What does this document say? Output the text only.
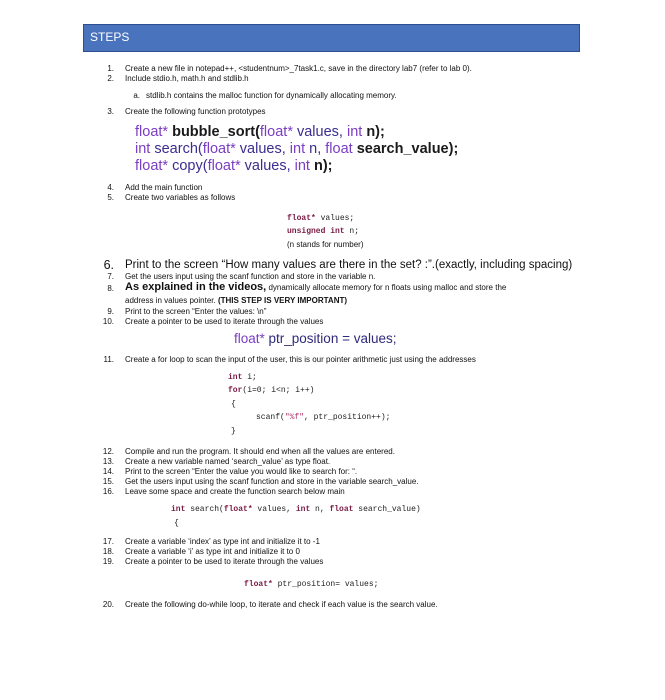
STEPS
1. Create a new file in notepad++, <studentnum>_7task1.c, save in the directory lab7 (refer to lab 0).
2. Include stdio.h, math.h and stdlib.h
a. stdlib.h contains the malloc function for dynamically allocating memory.
3. Create the following function prototypes
float* bubble_sort(float* values, int n);
int search(float* values, int n, float search_value);
float* copy(float* values, int n);
4. Add the main function
5. Create two variables as follows
float* values;
unsigned int n;
(n stands for number)
6. Print to the screen “How many values are there in the set? :”.(exactly, including spacing)
7. Get the users input using the scanf function and store in the variable n.
8. As explained in the videos, dynamically allocate memory for n floats using malloc and store the
address in values pointer. (THIS STEP IS VERY IMPORTANT)
9. Print to the screen “Enter the values: \n”
10. Create a pointer to be used to iterate through the values
float* ptr_position = values;
11. Create a for loop to scan the input of the user, this is our pointer arithmetic just using the addresses
int i;
for(i=0; i<n; i++)
{
scanf("%f", ptr_position++);
}
12. Compile and run the program. It should end when all the values are entered.
13. Create a new variable named ‘search_value’ as type float.
14. Print to the screen “Enter the value you would like to search for: “.
15. Get the users input using the scanf function and store in the variable search_value.
16. Leave some space and create the function search below main
int search(float* values, int n, float search_value)
{
17. Create a variable ‘index’ as type int and initialize it to -1
18. Create a variable ‘i’ as type int and initialize it to 0
19. Create a pointer to be used to iterate through the values
float* ptr_position= values;
20. Create the following do-while loop, to iterate and check if each value is the search value.
